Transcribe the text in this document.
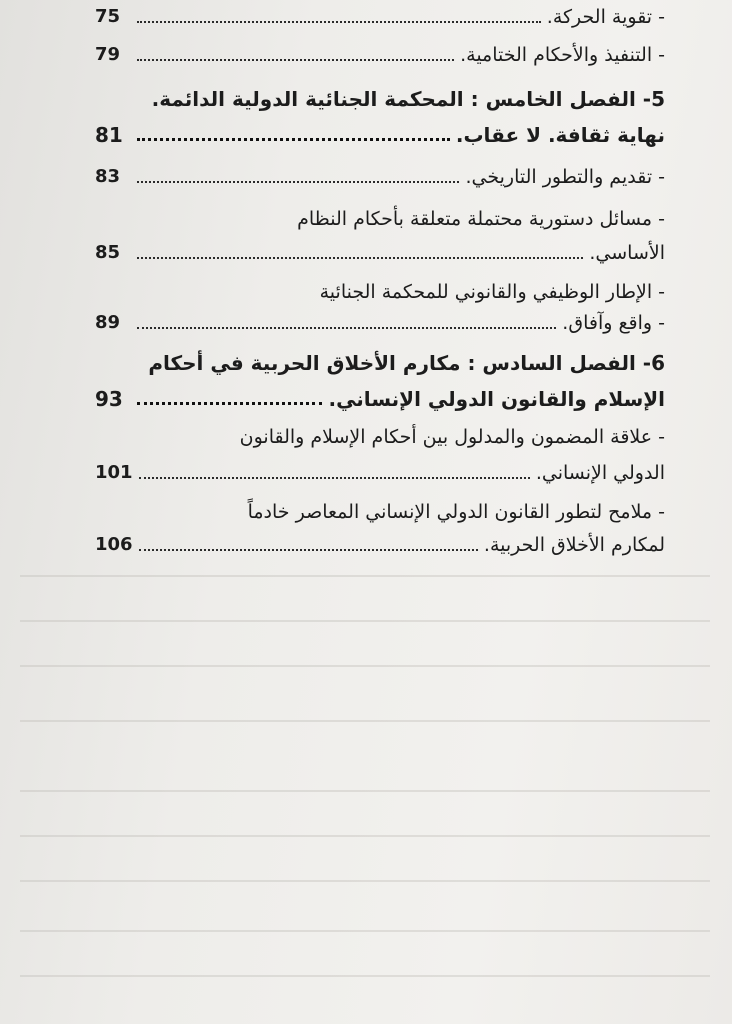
- تقوية الحركة.
75
- التنفيذ والأحكام الختامية.
79
5- الفصل الخامس : المحكمة الجنائية الدولية الدائمة.
نهاية ثقافة. لا عقاب.
81
- تقديم والتطور التاريخي.
83
- مسائل دستورية محتملة متعلقة بأحكام النظام
الأساسي.
85
- الإطار الوظيفي والقانوني للمحكمة الجنائية
- واقع وآفاق.
89
6- الفصل السادس : مكارم الأخلاق الحربية في أحكام
الإسلام والقانون الدولي الإنساني.
93
- علاقة المضمون والمدلول بين أحكام الإسلام والقانون
الدولي الإنساني.
101
- ملامح لتطور القانون الدولي الإنساني المعاصر خادماً
لمكارم الأخلاق الحربية.
106
